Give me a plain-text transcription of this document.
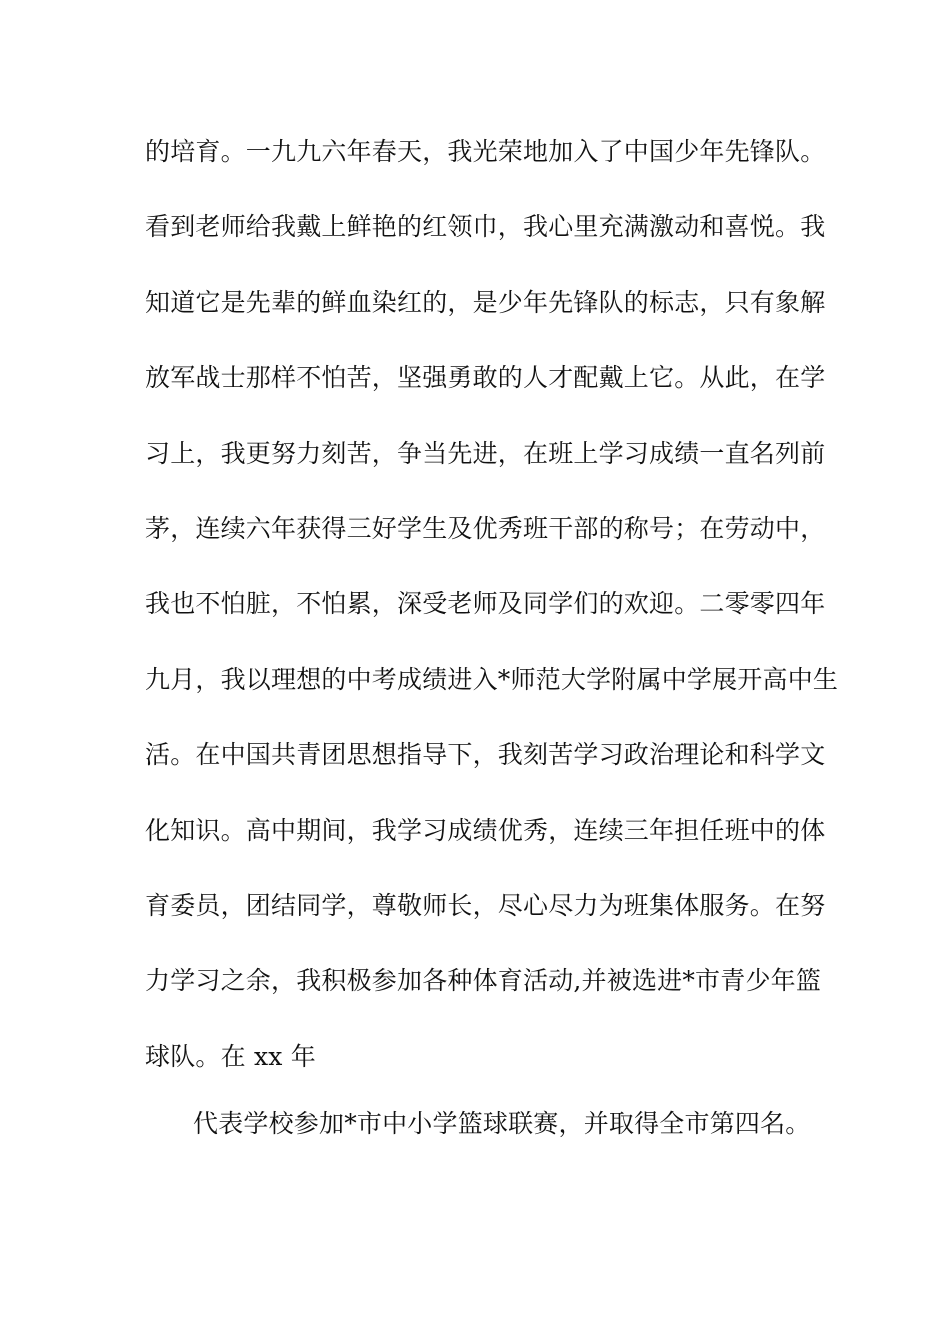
的培育。一九九六年春天，我光荣地加入了中国少年先锋队。
看到老师给我戴上鲜艳的红领巾，我心里充满激动和喜悦。我
知道它是先辈的鲜血染红的，是少年先锋队的标志，只有象解
放军战士那样不怕苦，坚强勇敢的人才配戴上它。从此，在学
习上，我更努力刻苦，争当先进，在班上学习成绩一直名列前
茅，连续六年获得三好学生及优秀班干部的称号；在劳动中，
我也不怕脏，不怕累，深受老师及同学们的欢迎。二零零四年
九月，我以理想的中考成绩进入*师范大学附属中学展开高中生
活。在中国共青团思想指导下，我刻苦学习政治理论和科学文
化知识。高中期间，我学习成绩优秀，连续三年担任班中的体
育委员，团结同学，尊敬师长，尽心尽力为班集体服务。在努
力学习之余，我积极参加各种体育活动,并被选进*市青少年篮
球队。在 xx 年
代表学校参加*市中小学篮球联赛，并取得全市第四名。
